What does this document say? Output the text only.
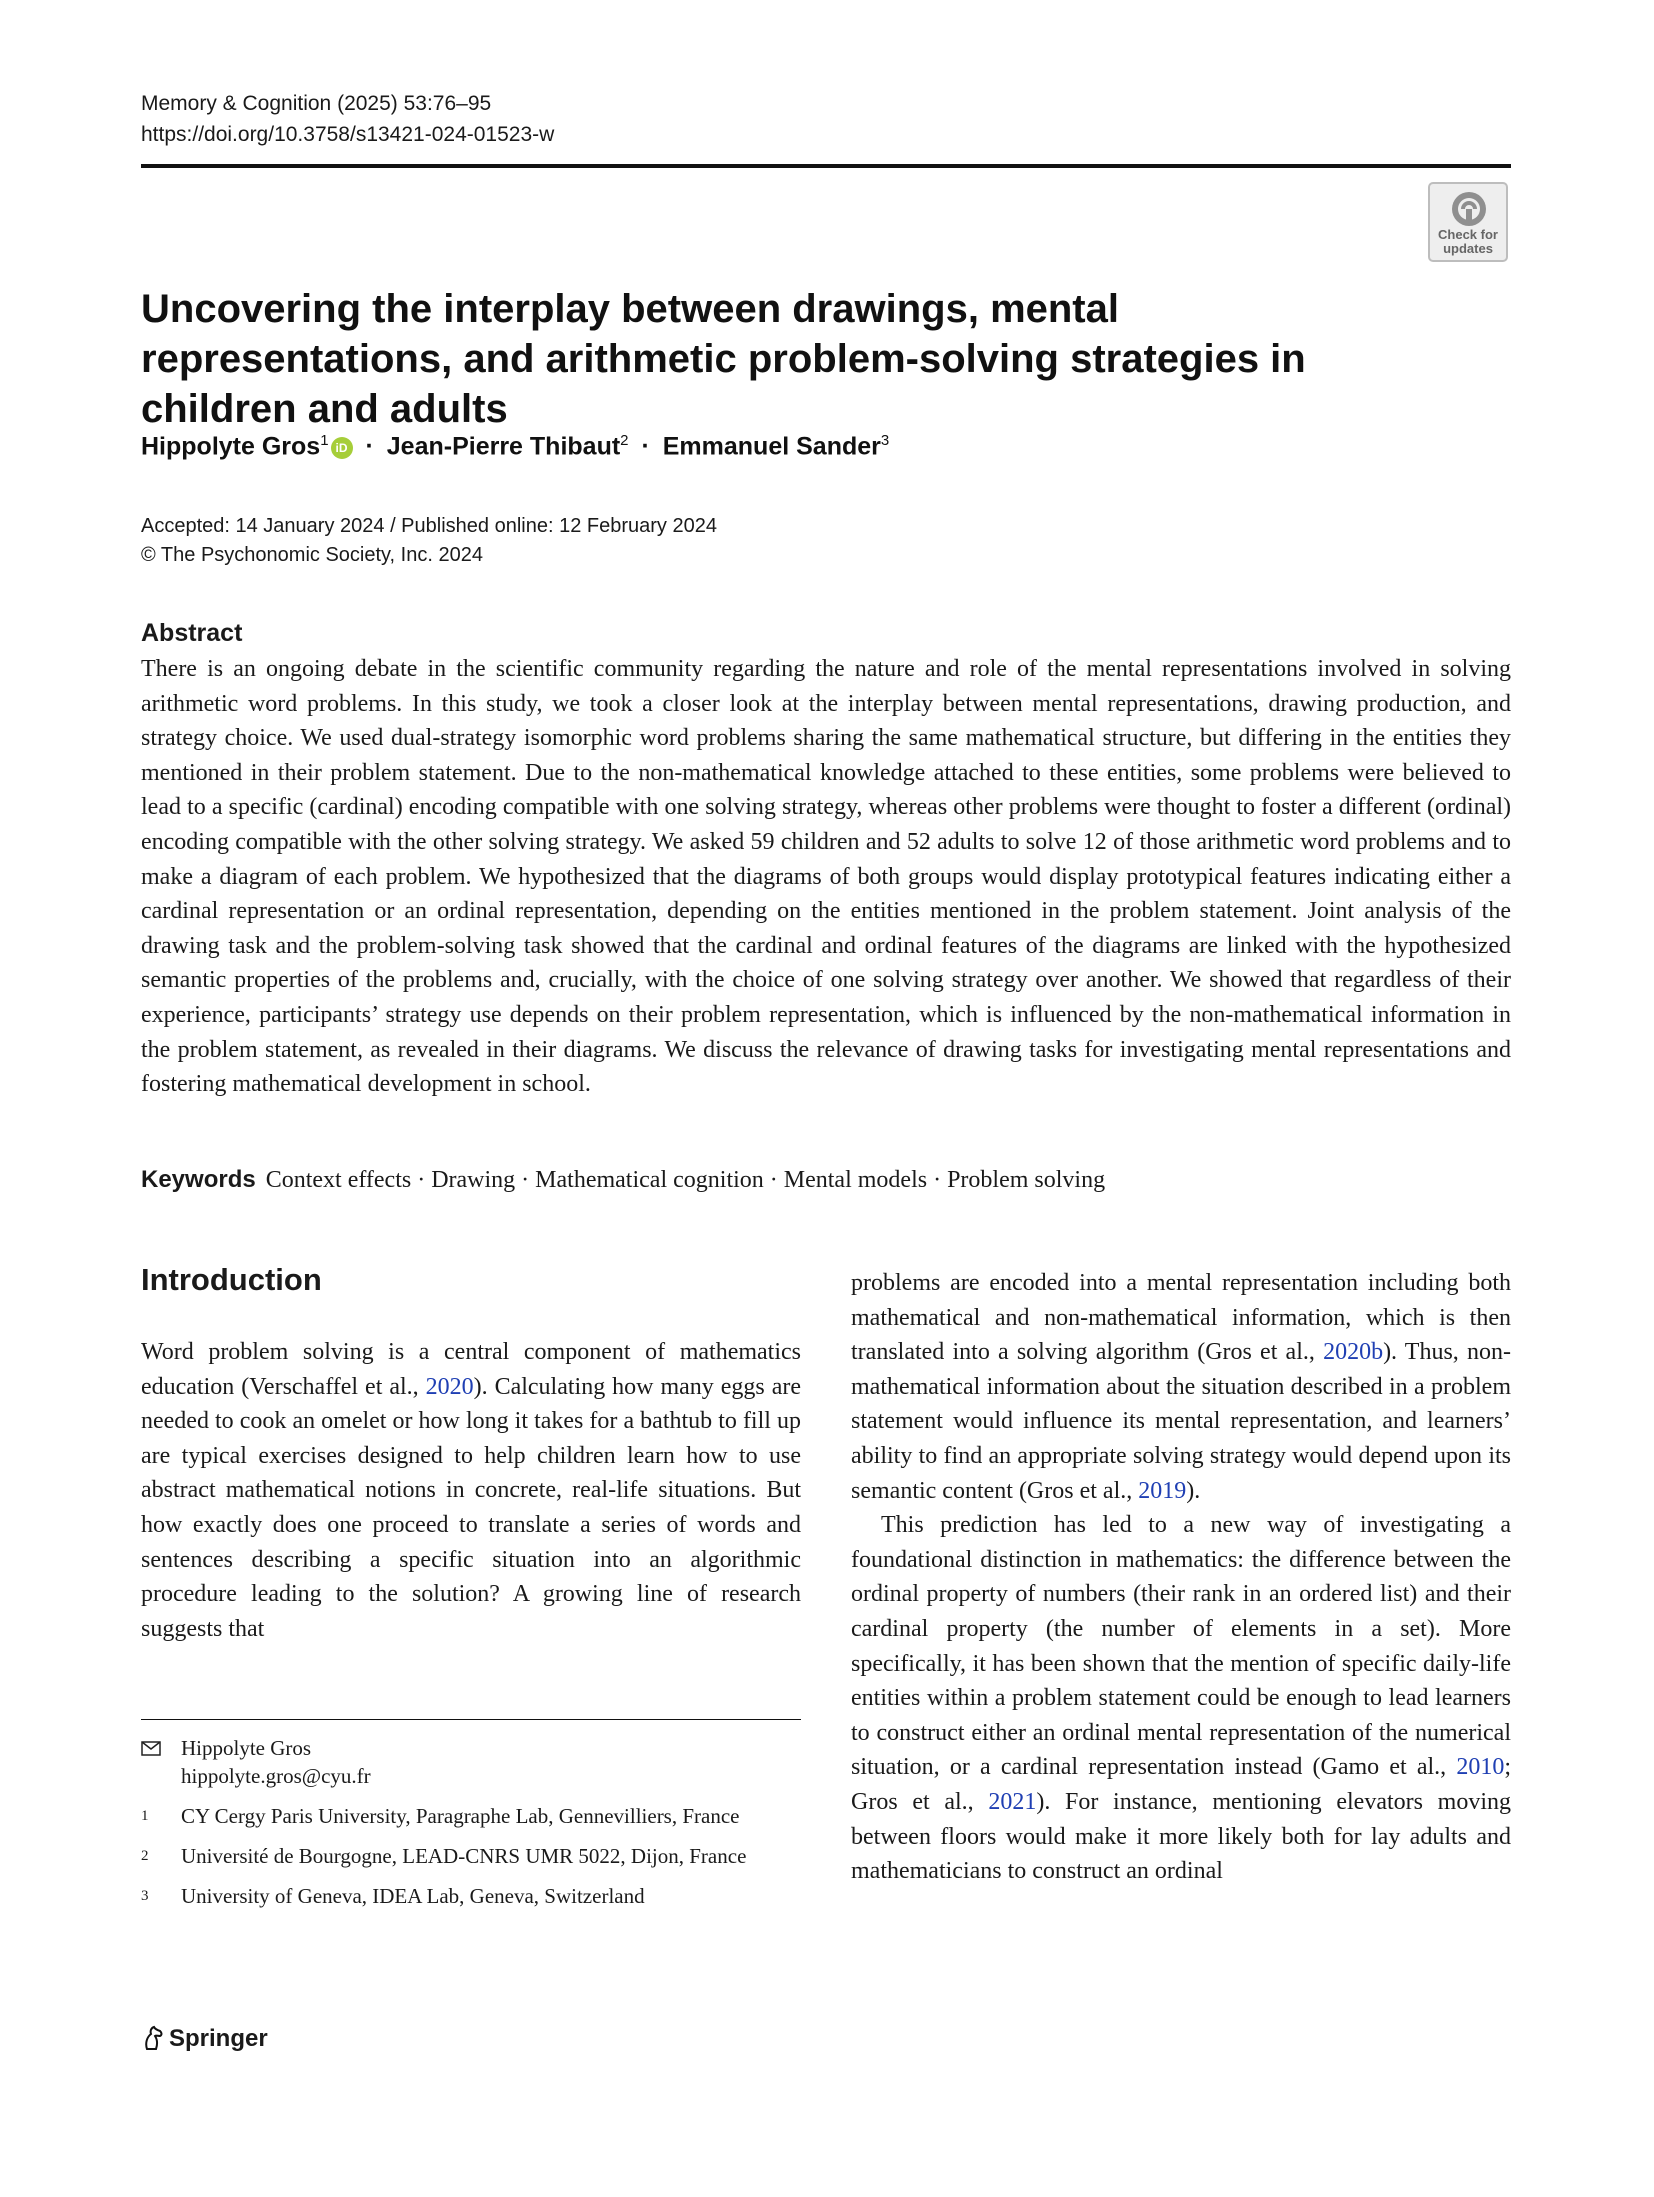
Memory & Cognition (2025) 53:76–95
https://doi.org/10.3758/s13421-024-01523-w
Check for
updates
Uncovering the interplay between drawings, mental representations, and arithmetic problem-solving strategies in children and adults
Hippolyte Gros$^1$ iD · Jean-Pierre Thibaut$^2$ · Emmanuel Sander$^3$
Accepted: 14 January 2024 / Published online: 12 February 2024
© The Psychonomic Society, Inc. 2024
Abstract

There is an ongoing debate in the scientific community regarding the nature and role of the mental representations involved in solving arithmetic word problems. In this study, we took a closer look at the interplay between mental representations, drawing production, and strategy choice. We used dual-strategy isomorphic word problems sharing the same mathematical structure, but differing in the entities they mentioned in their problem statement. Due to the non-mathematical knowledge attached to these entities, some problems were believed to lead to a specific (cardinal) encoding compatible with one solving strategy, whereas other problems were thought to foster a different (ordinal) encoding compatible with the other solving strategy. We asked 59 children and 52 adults to solve 12 of those arithmetic word problems and to make a diagram of each problem. We hypothesized that the diagrams of both groups would display prototypical features indicating either a cardinal representation or an ordinal representation, depending on the entities mentioned in the problem statement. Joint analysis of the drawing task and the problem-solving task showed that the cardinal and ordinal features of the diagrams are linked with the hypothesized semantic properties of the problems and, crucially, with the choice of one solving strategy over another. We showed that regardless of their experience, participants’ strategy use depends on their problem representation, which is influenced by the non-mathematical information in the problem statement, as revealed in their diagrams. We discuss the relevance of drawing tasks for investigating mental representations and fostering mathematical development in school.

Keywords Context effects · Drawing · Mathematical cognition · Mental models · Problem solving
Introduction

Word problem solving is a central component of mathematics education (Verschaffel et al., 2020). Calculating how many eggs are needed to cook an omelet or how long it takes for a bathtub to fill up are typical exercises designed to help children learn how to use abstract mathematical notions in concrete, real-life situations. But how exactly does one proceed to translate a series of words and sentences describing a specific situation into an algorithmic procedure leading to the solution? A growing line of research suggests that

problems are encoded into a mental representation including both mathematical and non-mathematical information, which is then translated into a solving algorithm (Gros et al., 2020b). Thus, non-mathematical information about the situation described in a problem statement would influence its mental representation, and learners’ ability to find an appropriate solving strategy would depend upon its semantic content (Gros et al., 2019).

This prediction has led to a new way of investigating a foundational distinction in mathematics: the difference between the ordinal property of numbers (their rank in an ordered list) and their cardinal property (the number of elements in a set). More specifically, it has been shown that the mention of specific daily-life entities within a problem statement could be enough to lead learners to construct either an ordinal mental representation of the numerical situation, or a cardinal representation instead (Gamo et al., 2010; Gros et al., 2021). For instance, mentioning elevators moving between floors would make it more likely both for lay adults and mathematicians to construct an ordinal

Hippolyte Gros
hippolyte.gros@cyu.fr
1 CY Cergy Paris University, Paragraphe Lab, Gennevilliers, France
2 Université de Bourgogne, LEAD-CNRS UMR 5022, Dijon, France
3 University of Geneva, IDEA Lab, Geneva, Switzerland
Springer
